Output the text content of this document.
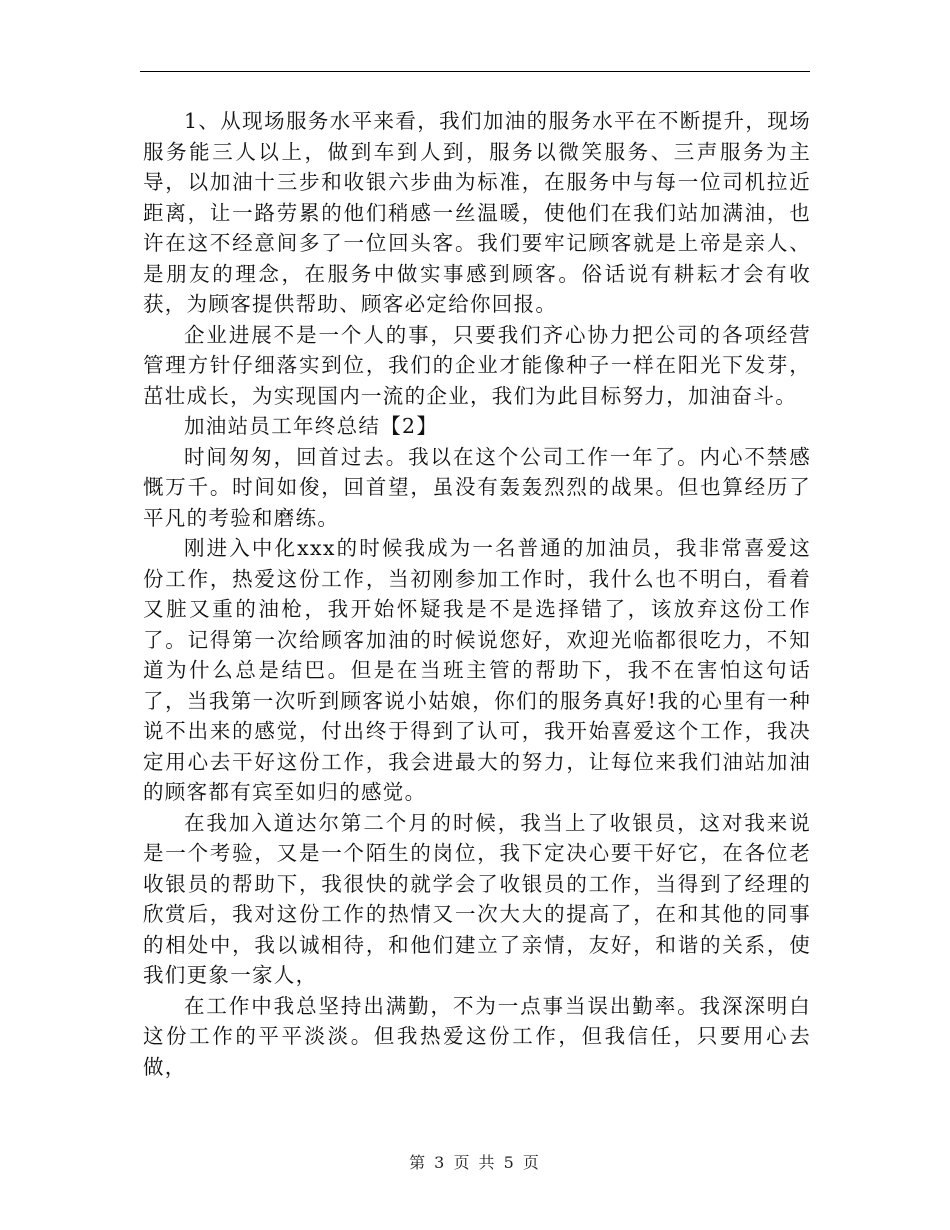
1、从现场服务水平来看，我们加油的服务水平在不断提升，现场服务能三人以上，做到车到人到，服务以微笑服务、三声服务为主导，以加油十三步和收银六步曲为标准，在服务中与每一位司机拉近距离，让一路劳累的他们稍感一丝温暖，使他们在我们站加满油，也许在这不经意间多了一位回头客。我们要牢记顾客就是上帝是亲人、是朋友的理念，在服务中做实事感到顾客。俗话说有耕耘才会有收获，为顾客提供帮助、顾客必定给你回报。

企业进展不是一个人的事，只要我们齐心协力把公司的各项经营管理方针仔细落实到位，我们的企业才能像种子一样在阳光下发芽，茁壮成长，为实现国内一流的企业，我们为此目标努力，加油奋斗。

加油站员工年终总结【2】

时间匆匆，回首过去。我以在这个公司工作一年了。内心不禁感慨万千。时间如俊，回首望，虽没有轰轰烈烈的战果。但也算经历了平凡的考验和磨练。

刚进入中化xxx的时候我成为一名普通的加油员，我非常喜爱这份工作，热爱这份工作，当初刚参加工作时，我什么也不明白，看着又脏又重的油枪，我开始怀疑我是不是选择错了，该放弃这份工作了。记得第一次给顾客加油的时候说您好，欢迎光临都很吃力，不知道为什么总是结巴。但是在当班主管的帮助下，我不在害怕这句话了，当我第一次听到顾客说小姑娘，你们的服务真好!我的心里有一种说不出来的感觉，付出终于得到了认可，我开始喜爱这个工作，我决定用心去干好这份工作，我会进最大的努力，让每位来我们油站加油的顾客都有宾至如归的感觉。

在我加入道达尔第二个月的时候，我当上了收银员，这对我来说是一个考验，又是一个陌生的岗位，我下定决心要干好它，在各位老收银员的帮助下，我很快的就学会了收银员的工作，当得到了经理的欣赏后，我对这份工作的热情又一次大大的提高了，在和其他的同事的相处中，我以诚相待，和他们建立了亲情，友好，和谐的关系，使我们更象一家人，

在工作中我总坚持出满勤，不为一点事当误出勤率。我深深明白这份工作的平平淡淡。但我热爱这份工作，但我信任，只要用心去做，

第 3 页 共 5 页
